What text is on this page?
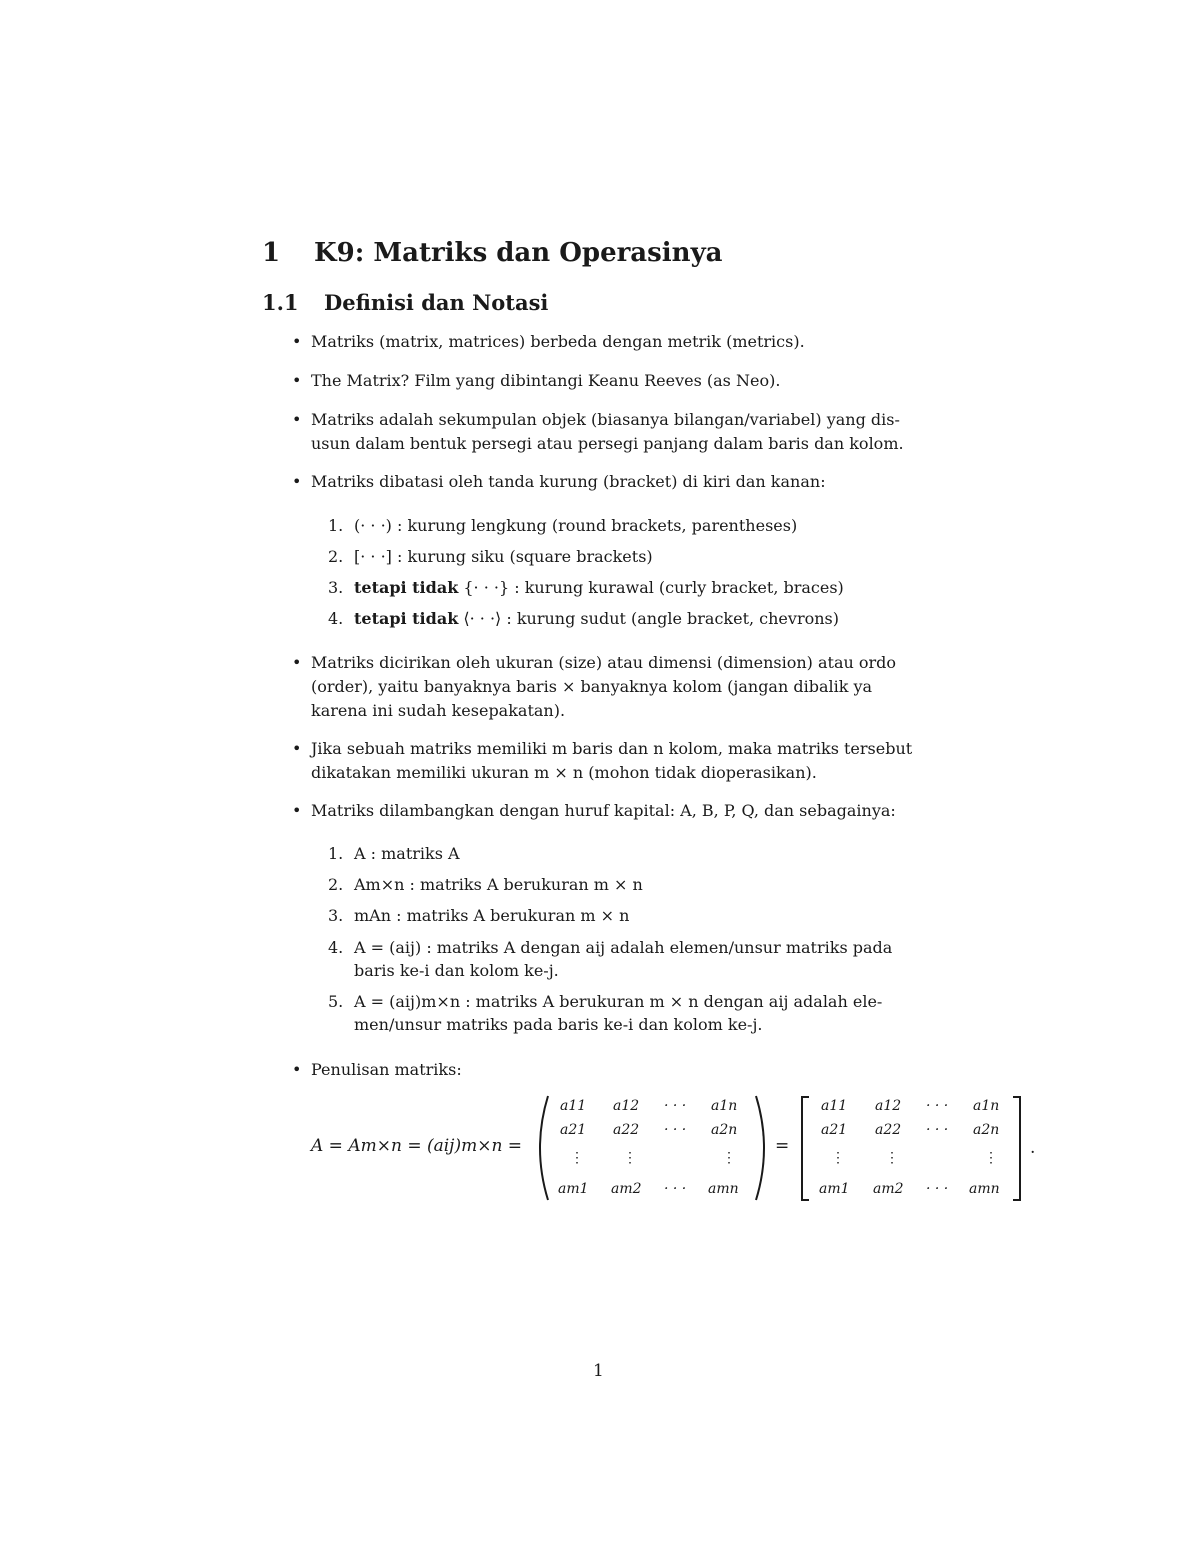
1 K9: Matriks dan Operasinya
1.1 Definisi dan Notasi
• Matriks (matrix, matrices) berbeda dengan metrik (metrics).
• The Matrix? Film yang dibintangi Keanu Reeves (as Neo).
• Matriks adalah sekumpulan objek (biasanya bilangan/variabel) yang dis-
usun dalam bentuk persegi atau persegi panjang dalam baris dan kolom.
• Matriks dibatasi oleh tanda kurung (bracket) di kiri dan kanan:
1. (· · ·) : kurung lengkung (round brackets, parentheses)
2. [· · ·] : kurung siku (square brackets)
3. tetapi tidak {· · ·} : kurung kurawal (curly bracket, braces)
4. tetapi tidak ⟨· · ·⟩ : kurung sudut (angle bracket, chevrons)
• Matriks dicirikan oleh ukuran (size) atau dimensi (dimension) atau ordo
(order), yaitu banyaknya baris × banyaknya kolom (jangan dibalik ya
karena ini sudah kesepakatan).
• Jika sebuah matriks memiliki m baris dan n kolom, maka matriks tersebut
dikatakan memiliki ukuran m × n (mohon tidak dioperasikan).
• Matriks dilambangkan dengan huruf kapital: A, B, P, Q, dan sebagainya:
1. A : matriks A
2. Am×n : matriks A berukuran m × n
3. mAn : matriks A berukuran m × n
4. A = (aij) : matriks A dengan aij adalah elemen/unsur matriks pada
baris ke-i dan kolom ke-j.
5. A = (aij)m×n : matriks A berukuran m × n dengan aij adalah ele-
men/unsur matriks pada baris ke-i dan kolom ke-j.
• Penulisan matriks:
A = Am×n = (aij)m×n =	=	.
a11 a12 · · · a1n
a21 a22 · · · a2n
⋮	⋮	⋮
am1 am2 · · · amn
a11 a12 · · · a1n
a21 a22 · · · a2n
⋮	⋮	⋮
am1 am2 · · · amn
1
